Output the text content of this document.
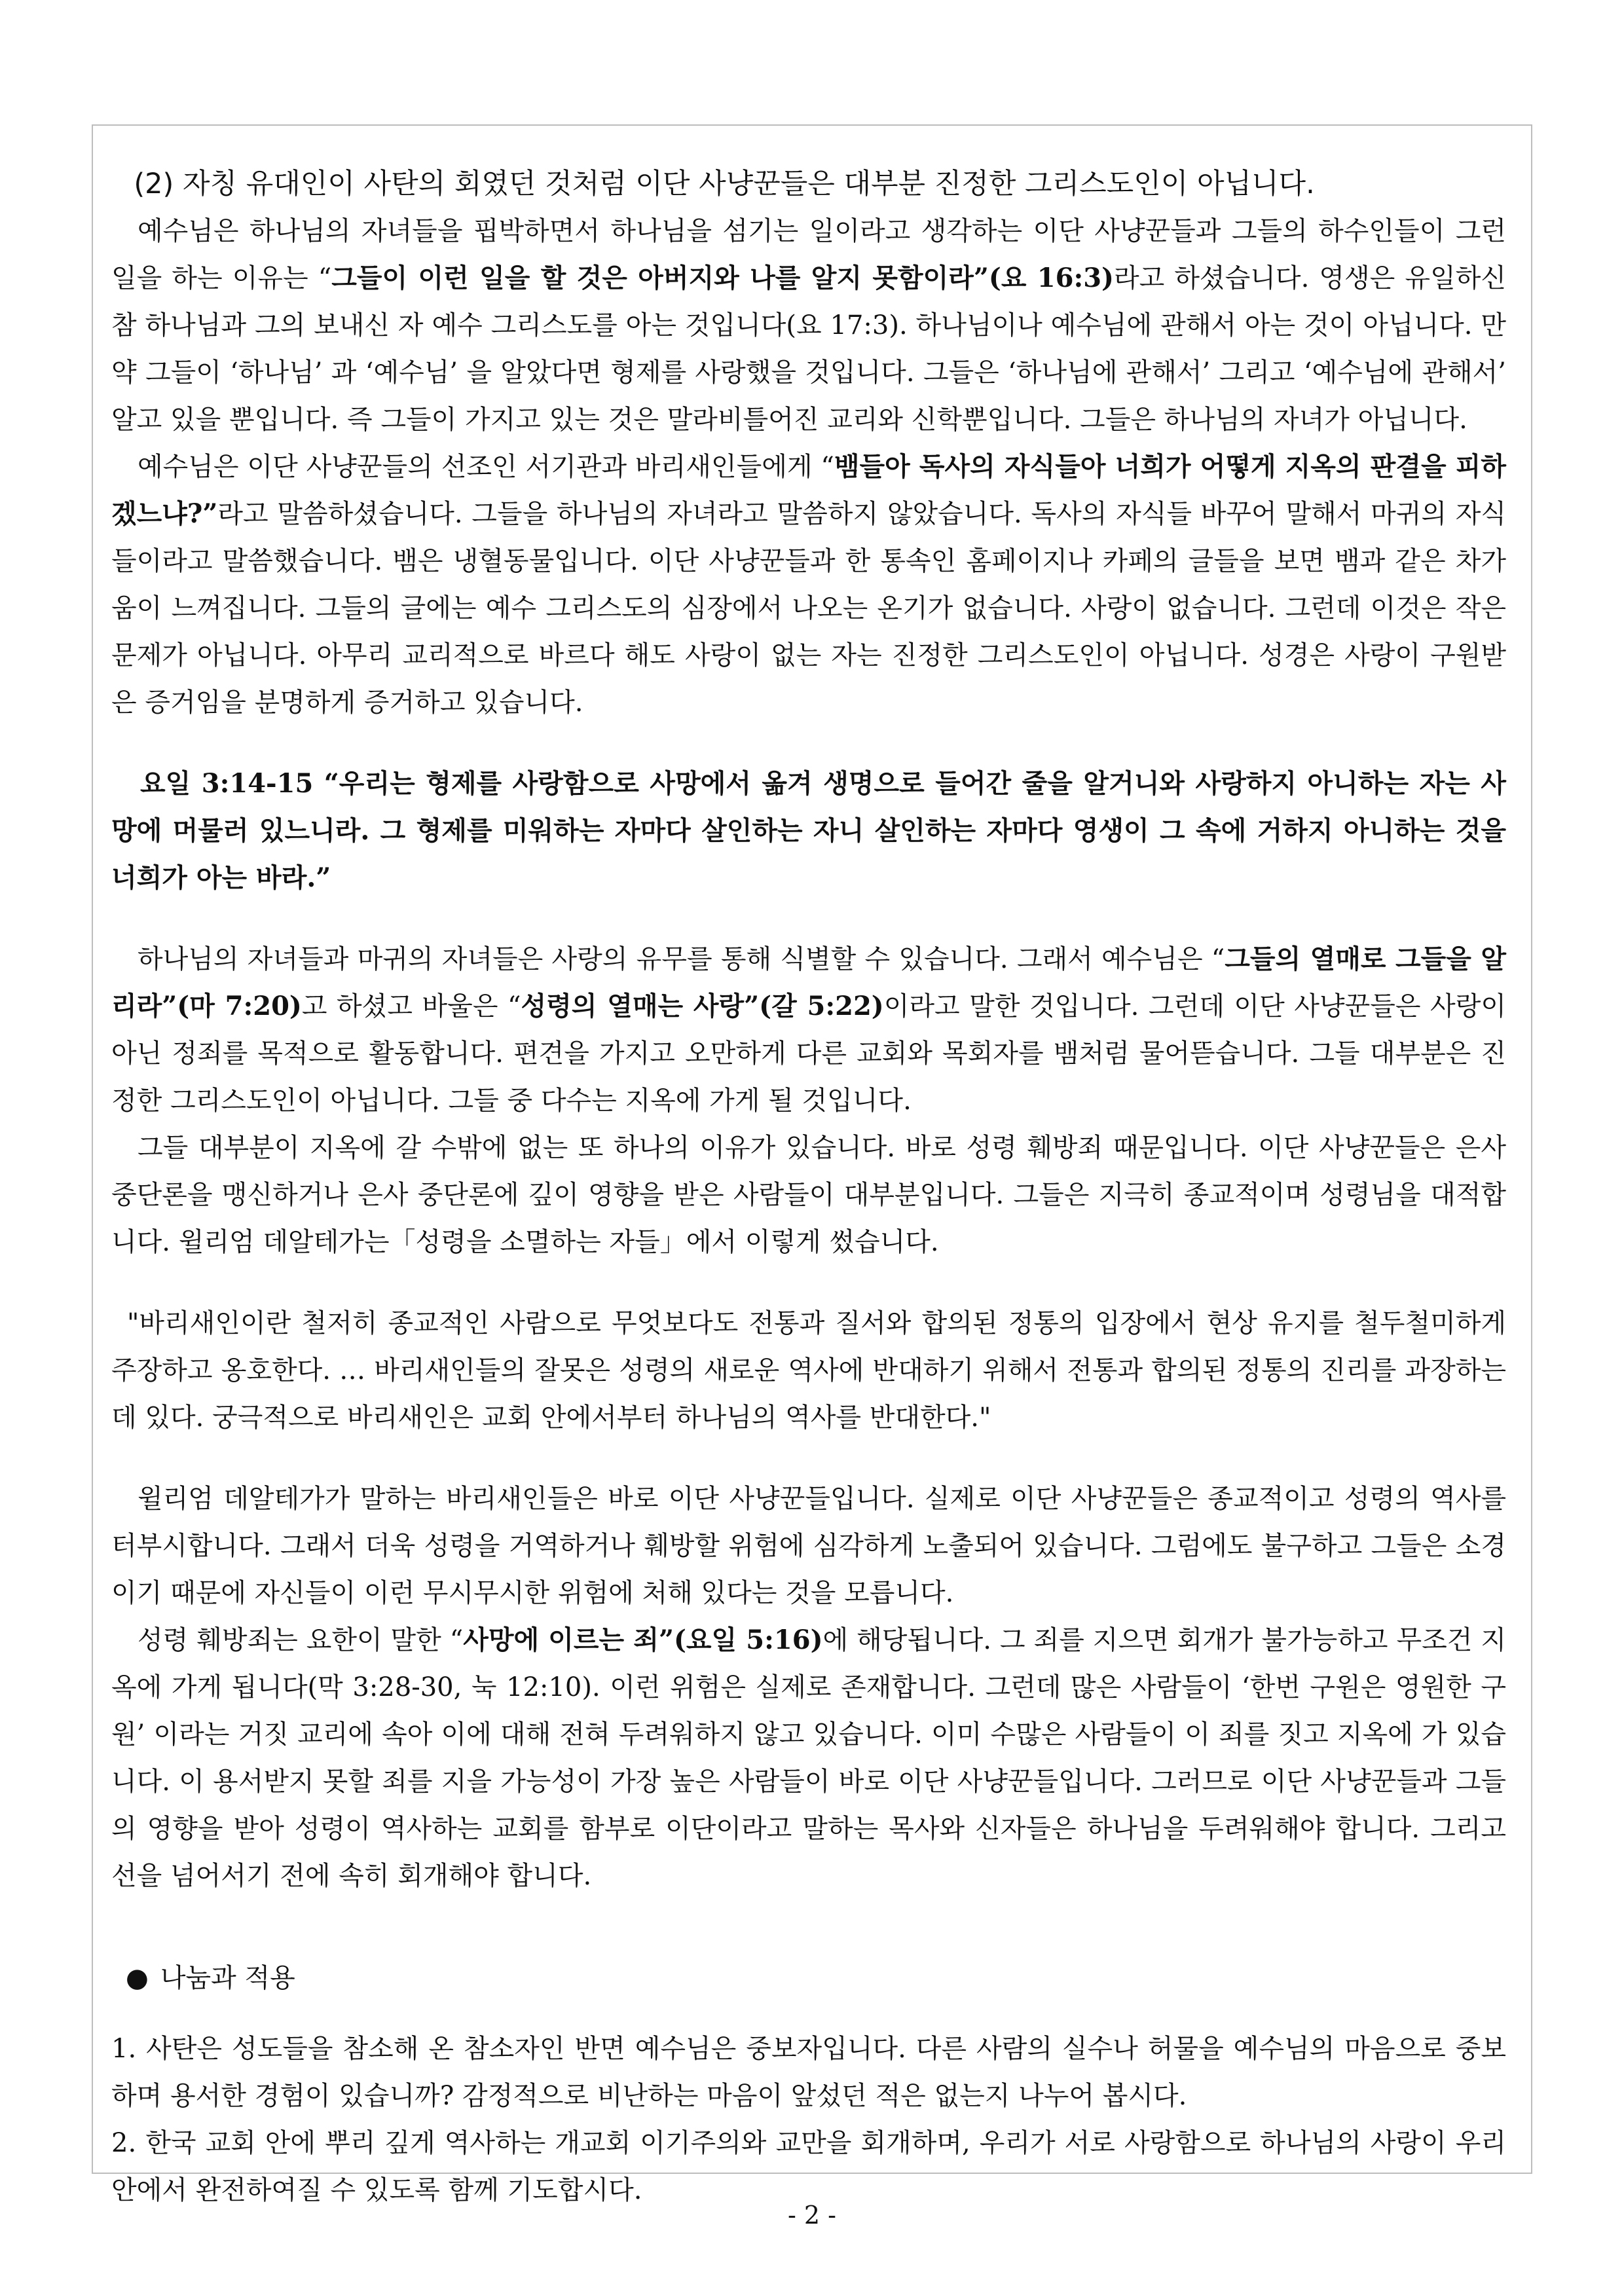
(2) 자칭 유대인이 사탄의 회였던 것처럼 이단 사냥꾼들은 대부분 진정한 그리스도인이 아닙니다.

예수님은 하나님의 자녀들을 핍박하면서 하나님을 섬기는 일이라고 생각하는 이단 사냥꾼들과 그들의 하수인들이 그런 일을 하는 이유는 “그들이 이런 일을 할 것은 아버지와 나를 알지 못함이라”(요 16:3)라고 하셨습니다. 영생은 유일하신 참 하나님과 그의 보내신 자 예수 그리스도를 아는 것입니다(요 17:3). 하나님이나 예수님에 관해서 아는 것이 아닙니다. 만약 그들이 ‘하나님’ 과 ‘예수님’ 을 알았다면 형제를 사랑했을 것입니다. 그들은 ‘하나님에 관해서’ 그리고 ‘예수님에 관해서’ 알고 있을 뿐입니다. 즉 그들이 가지고 있는 것은 말라비틀어진 교리와 신학뿐입니다. 그들은 하나님의 자녀가 아닙니다.

예수님은 이단 사냥꾼들의 선조인 서기관과 바리새인들에게 “뱀들아 독사의 자식들아 너희가 어떻게 지옥의 판결을 피하겠느냐?”라고 말씀하셨습니다. 그들을 하나님의 자녀라고 말씀하지 않았습니다. 독사의 자식들 바꾸어 말해서 마귀의 자식들이라고 말씀했습니다. 뱀은 냉혈동물입니다. 이단 사냥꾼들과 한 통속인 홈페이지나 카페의 글들을 보면 뱀과 같은 차가움이 느껴집니다. 그들의 글에는 예수 그리스도의 심장에서 나오는 온기가 없습니다. 사랑이 없습니다. 그런데 이것은 작은 문제가 아닙니다. 아무리 교리적으로 바르다 해도 사랑이 없는 자는 진정한 그리스도인이 아닙니다. 성경은 사랑이 구원받은 증거임을 분명하게 증거하고 있습니다.

요일 3:14-15 “우리는 형제를 사랑함으로 사망에서 옮겨 생명으로 들어간 줄을 알거니와 사랑하지 아니하는 자는 사망에 머물러 있느니라. 그 형제를 미워하는 자마다 살인하는 자니 살인하는 자마다 영생이 그 속에 거하지 아니하는 것을 너희가 아는 바라.”

하나님의 자녀들과 마귀의 자녀들은 사랑의 유무를 통해 식별할 수 있습니다. 그래서 예수님은 “그들의 열매로 그들을 알리라”(마 7:20)고 하셨고 바울은 “성령의 열매는 사랑”(갈 5:22)이라고 말한 것입니다. 그런데 이단 사냥꾼들은 사랑이 아닌 정죄를 목적으로 활동합니다. 편견을 가지고 오만하게 다른 교회와 목회자를 뱀처럼 물어뜯습니다. 그들 대부분은 진정한 그리스도인이 아닙니다. 그들 중 다수는 지옥에 가게 될 것입니다.

그들 대부분이 지옥에 갈 수밖에 없는 또 하나의 이유가 있습니다. 바로 성령 훼방죄 때문입니다. 이단 사냥꾼들은 은사 중단론을 맹신하거나 은사 중단론에 깊이 영향을 받은 사람들이 대부분입니다. 그들은 지극히 종교적이며 성령님을 대적합니다. 윌리엄 데알테가는「성령을 소멸하는 자들」에서 이렇게 썼습니다.

"바리새인이란 철저히 종교적인 사람으로 무엇보다도 전통과 질서와 합의된 정통의 입장에서 현상 유지를 철두철미하게 주장하고 옹호한다. … 바리새인들의 잘못은 성령의 새로운 역사에 반대하기 위해서 전통과 합의된 정통의 진리를 과장하는 데 있다. 궁극적으로 바리새인은 교회 안에서부터 하나님의 역사를 반대한다."

윌리엄 데알테가가 말하는 바리새인들은 바로 이단 사냥꾼들입니다. 실제로 이단 사냥꾼들은 종교적이고 성령의 역사를 터부시합니다. 그래서 더욱 성령을 거역하거나 훼방할 위험에 심각하게 노출되어 있습니다. 그럼에도 불구하고 그들은 소경이기 때문에 자신들이 이런 무시무시한 위험에 처해 있다는 것을 모릅니다.

성령 훼방죄는 요한이 말한 “사망에 이르는 죄”(요일 5:16)에 해당됩니다. 그 죄를 지으면 회개가 불가능하고 무조건 지옥에 가게 됩니다(막 3:28-30, 눅 12:10). 이런 위험은 실제로 존재합니다. 그런데 많은 사람들이 ‘한번 구원은 영원한 구원’ 이라는 거짓 교리에 속아 이에 대해 전혀 두려워하지 않고 있습니다. 이미 수많은 사람들이 이 죄를 짓고 지옥에 가 있습니다. 이 용서받지 못할 죄를 지을 가능성이 가장 높은 사람들이 바로 이단 사냥꾼들입니다. 그러므로 이단 사냥꾼들과 그들의 영향을 받아 성령이 역사하는 교회를 함부로 이단이라고 말하는 목사와 신자들은 하나님을 두려워해야 합니다. 그리고 선을 넘어서기 전에 속히 회개해야 합니다.

● 나눔과 적용

1. 사탄은 성도들을 참소해 온 참소자인 반면 예수님은 중보자입니다. 다른 사람의 실수나 허물을 예수님의 마음으로 중보하며 용서한 경험이 있습니까? 감정적으로 비난하는 마음이 앞섰던 적은 없는지 나누어 봅시다.

2. 한국 교회 안에 뿌리 깊게 역사하는 개교회 이기주의와 교만을 회개하며, 우리가 서로 사랑함으로 하나님의 사랑이 우리 안에서 완전하여질 수 있도록 함께 기도합시다.

- 2 -
